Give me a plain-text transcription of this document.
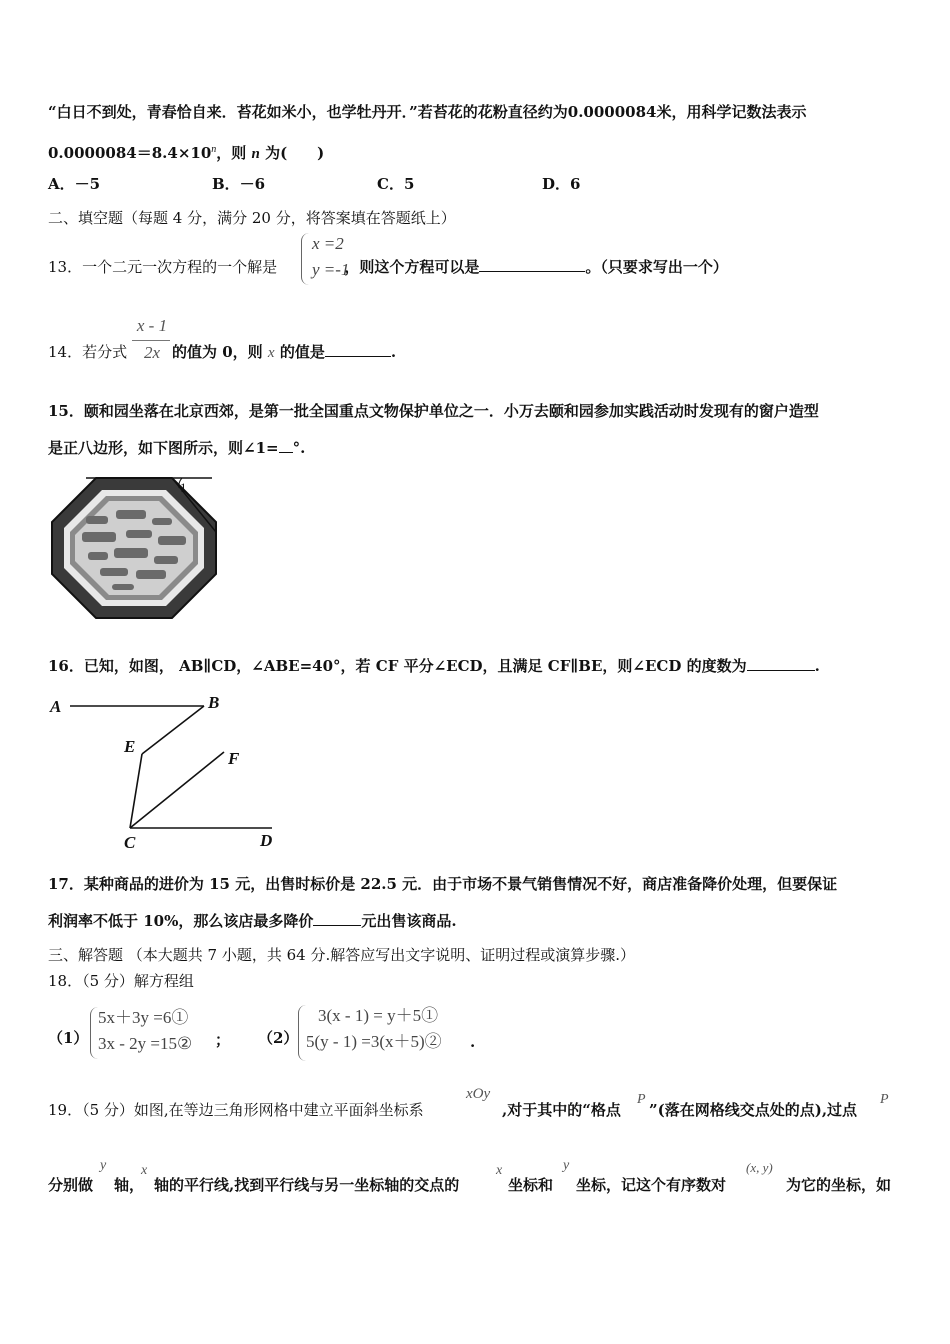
“白日不到处，青春恰自来．苔花如米小，也学牡丹开．”若苔花的花粉直径约为0.0000084米，用科学记数法表示
$0.0000084=8.4\times 10^n$，则 n 为(　　)
A．－5	B．－6	C．5	D．6
二、填空题（每题 4 分，满分 20 分，将答案填在答题纸上）
13．一个二元一次方程的一个解是	，则这个方程可以是	。（只要求写出一个）
x =2
y =-1
x - 1
2x
14．若分式	的值为 0，则 x 的值是	.
15．颐和园坐落在北京西郊，是第一批全国重点文物保护单位之一．小万去颐和园参加实践活动时发现有的窗户造型
是正八边形，如下图所示，则∠1= °.
1
16．已知，如图， AB∥CD，∠ABE=40°，若 CF 平分∠ECD，且满足 CF∥BE，则∠ECD 的度数为	.
A	B
E
F
C	D
17．某种商品的进价为 15 元，出售时标价是 22.5 元．由于市场不景气销售情况不好，商店准备降价处理，但要保证
利润率不低于 10%，那么该店最多降价	元出售该商品.
三、解答题 （本大题共 7 小题，共 64 分.解答应写出文字说明、证明过程或演算步骤.）
18．（5 分）解方程组
（1）
5x＋3y =6①
3x - 2y =15② ； （2）
3(x - 1) = y＋5①
5(y - 1) =3(x＋5)② .
19．（5 分）如图,在等边三角形网格中建立平面斜坐标系
xOy
,对于其中的“格点
P
”(落在网格线交点处的点),过点
P
分别做
y
轴，
x
轴的平行线,找到平行线与另一坐标轴的交点的
x
坐标和
y
坐标，记这个有序数对
(x, y)
为它的坐标，如
